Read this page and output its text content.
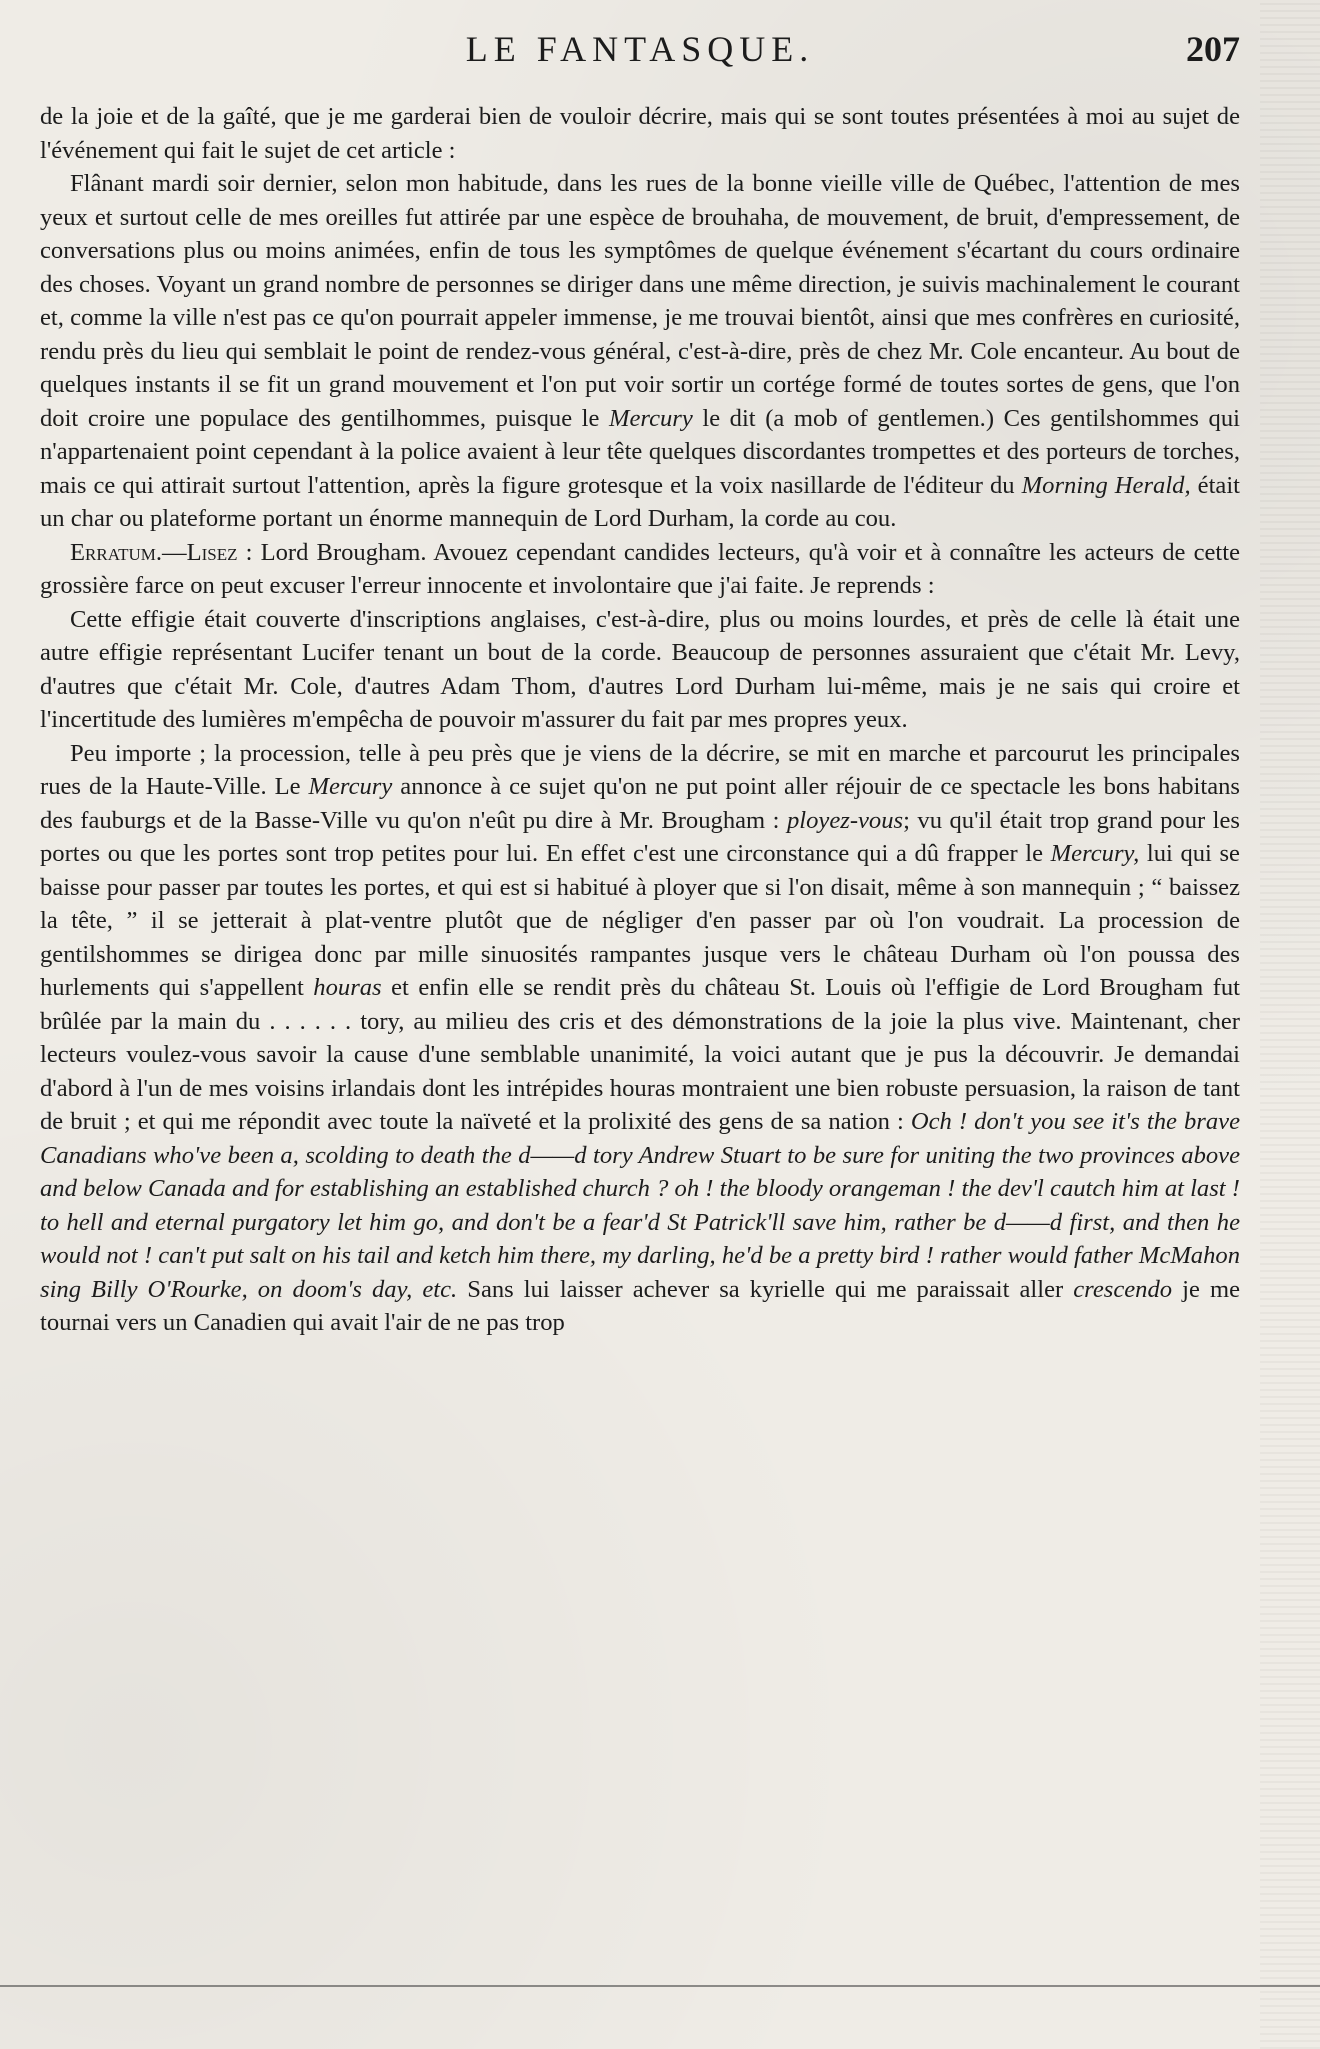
LE FANTASQUE.	207

de la joie et de la gaîté, que je me garderai bien de vouloir décrire, mais qui se sont toutes présentées à moi au sujet de l'événement qui fait le sujet de cet article :

Flânant mardi soir dernier, selon mon habitude, dans les rues de la bonne vieille ville de Québec, l'attention de mes yeux et surtout celle de mes oreilles fut attirée par une espèce de brouhaha, de mouvement, de bruit, d'empressement, de conversations plus ou moins animées, enfin de tous les symptômes de quelque événement s'écartant du cours ordinaire des choses. Voyant un grand nombre de personnes se diriger dans une même direction, je suivis machinalement le courant et, comme la ville n'est pas ce qu'on pourrait appeler immense, je me trouvai bientôt, ainsi que mes confrères en curiosité, rendu près du lieu qui semblait le point de rendez-vous général, c'est-à-dire, près de chez Mr. Cole encanteur. Au bout de quelques instants il se fit un grand mouvement et l'on put voir sortir un cortége formé de toutes sortes de gens, que l'on doit croire une populace des gentilhommes, puisque le Mercury le dit (a mob of gentlemen.) Ces gentilshommes qui n'appartenaient point cependant à la police avaient à leur tête quelques discordantes trompettes et des porteurs de torches, mais ce qui attirait surtout l'attention, après la figure grotesque et la voix nasillarde de l'éditeur du Morning Herald, était un char ou plateforme portant un énorme mannequin de Lord Durham, la corde au cou.

Erratum.—Lisez : Lord Brougham. Avouez cependant candides lecteurs, qu'à voir et à connaître les acteurs de cette grossière farce on peut excuser l'erreur innocente et involontaire que j'ai faite. Je reprends :

Cette effigie était couverte d'inscriptions anglaises, c'est-à-dire, plus ou moins lourdes, et près de celle là était une autre effigie représentant Lucifer tenant un bout de la corde. Beaucoup de personnes assuraient que c'était Mr. Levy, d'autres que c'était Mr. Cole, d'autres Adam Thom, d'autres Lord Durham lui-même, mais je ne sais qui croire et l'incertitude des lumières m'empêcha de pouvoir m'assurer du fait par mes propres yeux.

Peu importe ; la procession, telle à peu près que je viens de la décrire, se mit en marche et parcourut les principales rues de la Haute-Ville. Le Mercury annonce à ce sujet qu'on ne put point aller réjouir de ce spectacle les bons habitans des fauburgs et de la Basse-Ville vu qu'on n'eût pu dire à Mr. Brougham : ployez-vous; vu qu'il était trop grand pour les portes ou que les portes sont trop petites pour lui. En effet c'est une circonstance qui a dû frapper le Mercury, lui qui se baisse pour passer par toutes les portes, et qui est si habitué à ployer que si l'on disait, même à son mannequin ; “ baissez la tête, ” il se jetterait à plat-ventre plutôt que de négliger d'en passer par où l'on voudrait. La procession de gentilshommes se dirigea donc par mille sinuosités rampantes jusque vers le château Durham où l'on poussa des hurlements qui s'appellent houras et enfin elle se rendit près du château St. Louis où l'effigie de Lord Brougham fut brûlée par la main du . . . . . . tory, au milieu des cris et des démonstrations de la joie la plus vive. Maintenant, cher lecteurs voulez-vous savoir la cause d'une semblable unanimité, la voici autant que je pus la découvrir. Je demandai d'abord à l'un de mes voisins irlandais dont les intrépides houras montraient une bien robuste persuasion, la raison de tant de bruit ; et qui me répondit avec toute la naïveté et la prolixité des gens de sa nation : Och ! don't you see it's the brave Canadians who've been a, scolding to death the d——d tory Andrew Stuart to be sure for uniting the two provinces above and below Canada and for establishing an established church ? oh ! the bloody orangeman ! the dev'l cautch him at last ! to hell and eternal purgatory let him go, and don't be a fear'd St Patrick'll save him, rather be d——d first, and then he would not ! can't put salt on his tail and ketch him there, my darling, he'd be a pretty bird ! rather would father McMahon sing Billy O'Rourke, on doom's day, etc. Sans lui laisser achever sa kyrielle qui me paraissait aller crescendo je me tournai vers un Canadien qui avait l'air de ne pas trop
